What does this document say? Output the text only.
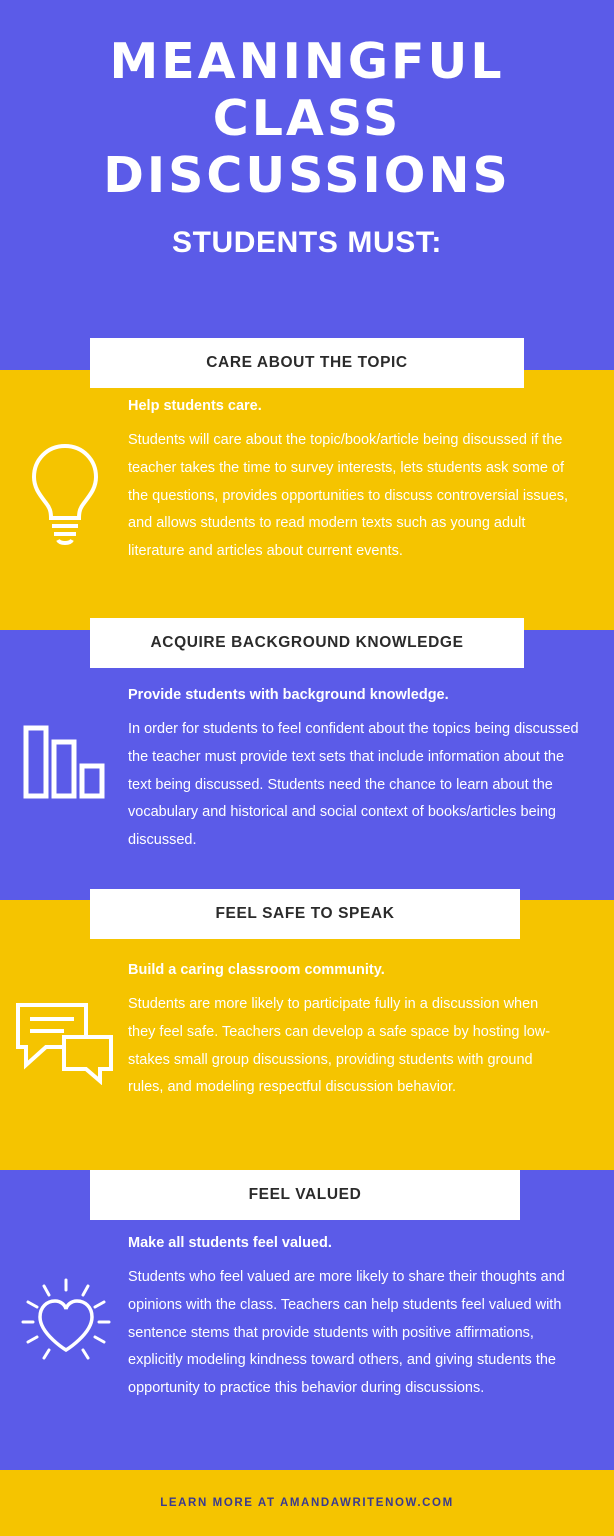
MEANINGFUL
CLASS
DISCUSSIONS
STUDENTS MUST:
CARE ABOUT THE TOPIC
ACQUIRE BACKGROUND KNOWLEDGE
FEEL SAFE TO SPEAK
FEEL VALUED
Help students care.
Students will care about the topic/book/article being discussed if the teacher takes the time to survey interests, lets students ask some of the questions, provides opportunities to discuss controversial issues, and allows students to read modern texts such as young adult literature and articles about current events.
Provide students with background knowledge.
In order for students to feel confident about the topics being discussed the teacher must provide text sets that include information about the text being discussed. Students need the chance to learn about the vocabulary and historical and social context of books/articles being discussed.
Build a caring classroom community.
Students are more likely to participate fully in a discussion when they feel safe. Teachers can develop a safe space by hosting low-stakes small group discussions, providing students with ground rules, and modeling respectful discussion behavior.
Make all students feel valued.
Students who feel valued are more likely to share their thoughts and opinions with the class. Teachers can help students feel valued with sentence stems that provide students with positive affirmations, explicitly modeling kindness toward others, and giving students the opportunity to practice this behavior during discussions.
LEARN MORE AT AMANDAWRITENOW.COM
